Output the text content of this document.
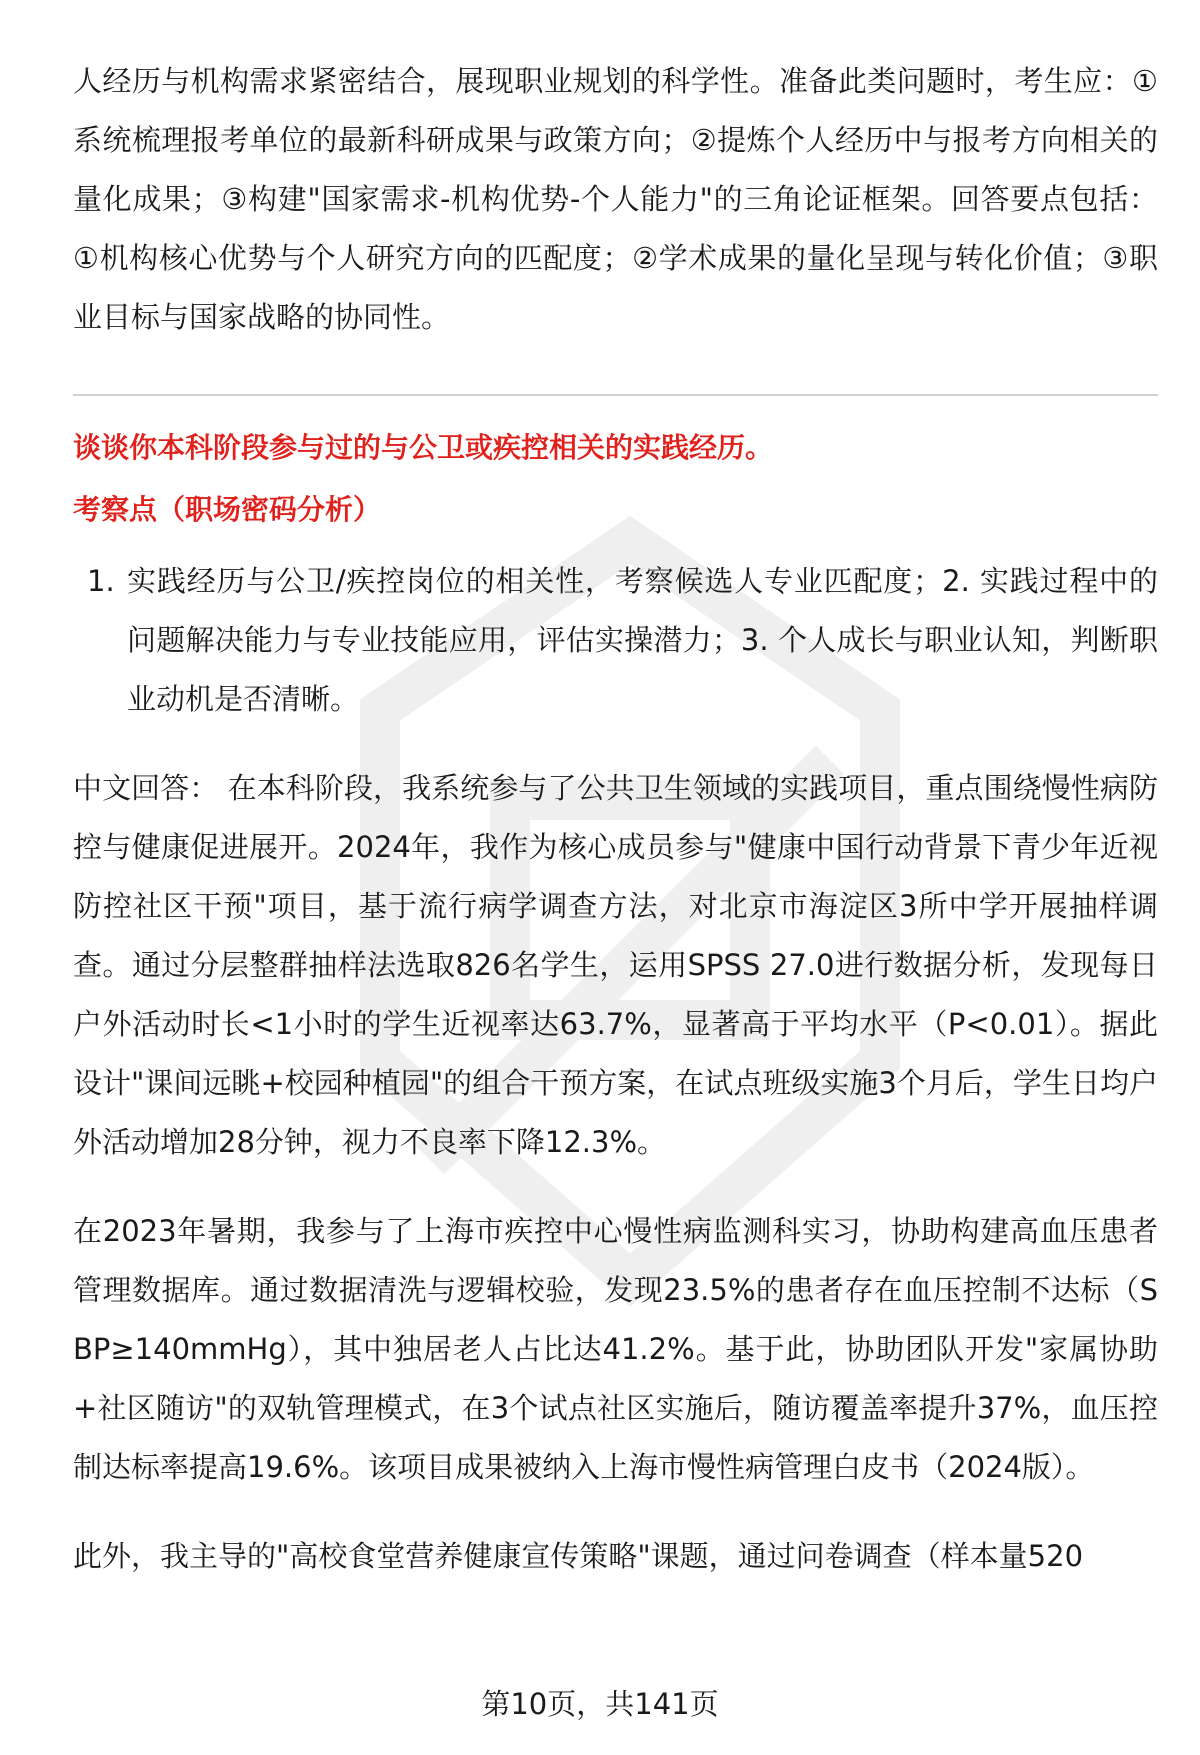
人经历与机构需求紧密结合，展现职业规划的科学性。准备此类问题时，考生应：①系统梳理报考单位的最新科研成果与政策方向；②提炼个人经历中与报考方向相关的量化成果；③构建"国家需求-机构优势-个人能力"的三角论证框架。回答要点包括：①机构核心优势与个人研究方向的匹配度；②学术成果的量化呈现与转化价值；③职业目标与国家战略的协同性。

谈谈你本科阶段参与过的与公卫或疾控相关的实践经历。
考察点（职场密码分析）
1. 实践经历与公卫/疾控岗位的相关性，考察候选人专业匹配度；2. 实践过程中的问题解决能力与专业技能应用，评估实操潜力；3. 个人成长与职业认知，判断职业动机是否清晰。

中文回答： 在本科阶段，我系统参与了公共卫生领域的实践项目，重点围绕慢性病防控与健康促进展开。2024年，我作为核心成员参与"健康中国行动背景下青少年近视防控社区干预"项目，基于流行病学调查方法，对北京市海淀区3所中学开展抽样调查。通过分层整群抽样法选取826名学生，运用SPSS 27.0进行数据分析，发现每日户外活动时长<1小时的学生近视率达63.7%，显著高于平均水平（P<0.01）。据此设计"课间远眺+校园种植园"的组合干预方案，在试点班级实施3个月后，学生日均户外活动增加28分钟，视力不良率下降12.3%。

在2023年暑期，我参与了上海市疾控中心慢性病监测科实习，协助构建高血压患者管理数据库。通过数据清洗与逻辑校验，发现23.5%的患者存在血压控制不达标（SBP≥140mmHg），其中独居老人占比达41.2%。基于此，协助团队开发"家属协助+社区随访"的双轨管理模式，在3个试点社区实施后，随访覆盖率提升37%，血压控制达标率提高19.6%。该项目成果被纳入上海市慢性病管理白皮书（2024版）。

此外，我主导的"高校食堂营养健康宣传策略"课题，通过问卷调查（样本量520

第10页，共141页
